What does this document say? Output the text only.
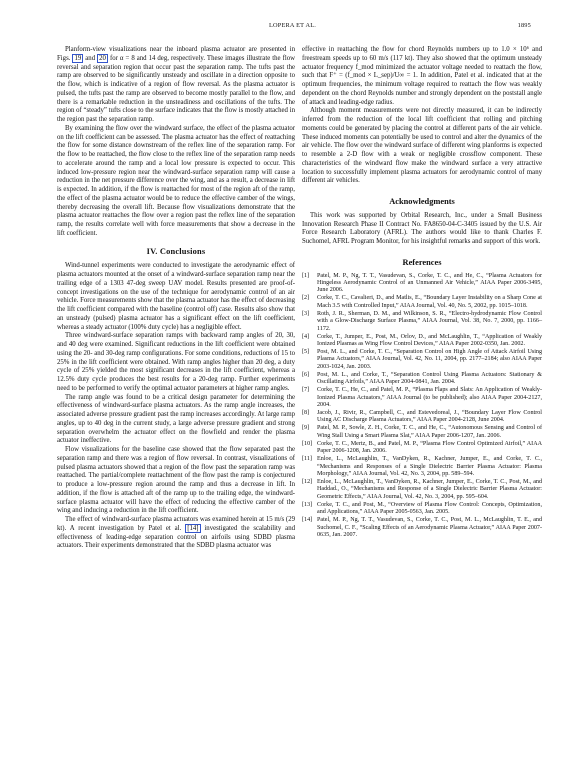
LOPERA ET AL.	1895

Planform-view visualizations near the inboard plasma actuator are presented in Figs. 19 and 20 for α = 8 and 14 deg, respectively. These images illustrate the flow reversal and separation region that occur past the separation ramp. The tufts past the ramp are observed to be significantly unsteady and oscillate in a direction opposite to the flow, which is indicative of a region of flow reversal. As the plasma actuator is pulsed, the tufts past the ramp are observed to become mostly parallel to the flow, and there is a remarkable reduction in the unsteadiness and oscillations of the tufts. The region of “steady” tufts close to the surface indicates that the flow is mostly attached in the region past the separation ramp.

By examining the flow over the windward surface, the effect of the plasma actuator on the lift coefficient can be assessed. The plasma actuator has the effect of reattaching the flow for some distance downstream of the reflex line of the separation ramp. For the flow to be reattached, the flow close to the reflex line of the separation ramp needs to accelerate around the ramp and a local low pressure is expected to occur. This induced low-pressure region near the windward-surface separation ramp will cause a reduction in the net pressure difference over the wing, and as a result, a decrease in lift is expected. In addition, if the flow is reattached for most of the region aft of the ramp, the effect of the plasma actuator would be to reduce the effective camber of the wings, thereby decreasing the overall lift. Because flow visualizations demonstrate that the plasma actuator reattaches the flow over a region past the reflex line of the separation ramp, the results correlate well with force measurements that show a decrease in the lift coefficient.

IV. Conclusions

Wind-tunnel experiments were conducted to investigate the aerodynamic effect of plasma actuators mounted at the onset of a windward-surface separation ramp near the trailing edge of a 1303 47-deg sweep UAV model. Results presented are proof-of-concept investigations on the use of the technique for aerodynamic control of an air vehicle. Force measurements show that the plasma actuator has the effect of decreasing the lift coefficient compared with the baseline (control off) case. Results also show that an unsteady (pulsed) plasma actuator has a significant effect on the lift coefficient, whereas a steady actuator (100% duty cycle) has a negligible effect.

Three windward-surface separation ramps with backward ramp angles of 20, 30, and 40 deg were examined. Significant reductions in the lift coefficient were obtained using the 20- and 30-deg ramp configurations. For some conditions, reductions of 15 to 25% in the lift coefficient were obtained. With ramp angles higher than 20 deg, a duty cycle of 25% yielded the most significant decreases in the lift coefficient, whereas a 12.5% duty cycle produces the best results for a 20-deg ramp. Further experiments need to be performed to verify the optimal actuator parameters at higher ramp angles.

The ramp angle was found to be a critical design parameter for determining the effectiveness of windward-surface plasma actuators. As the ramp angle increases, the associated adverse pressure gradient past the ramp increases accordingly. At large ramp angles, up to 40 deg in the current study, a large adverse pressure gradient and strong separation overwhelm the actuator effect on the flowfield and render the plasma actuator ineffective.

Flow visualizations for the baseline case showed that the flow separated past the separation ramp and there was a region of flow reversal. In contrast, visualizations of pulsed plasma actuators showed that a region of the flow past the separation ramp was reattached. The partial/complete reattachment of the flow past the ramp is conjectured to produce a low-pressure region around the ramp and thus a decrease in lift. In addition, if the flow is attached aft of the ramp up to the trailing edge, the windward-surface plasma actuator will have the effect of reducing the effective camber of the wing and inducing a reduction in the lift coefficient.

The effect of windward-surface plasma actuators was examined herein at 15 m/s (29 kt). A recent investigation by Patel et al. [14] investigated the scalability and effectiveness of leading-edge separation control on airfoils using SDBD plasma actuators. Their experiments demonstrated that the SDBD plasma actuator was

effective in reattaching the flow for chord Reynolds numbers up to 1.0 × 10⁶ and freestream speeds up to 60 m/s (117 kt). They also showed that the optimum unsteady actuator frequency f_mod minimized the actuator voltage needed to reattach the flow, such that F⁺ = (f_mod × L_sep)/U∞ = 1. In addition, Patel et al. indicated that at the optimum frequencies, the minimum voltage required to reattach the flow was weakly dependent on the chord Reynolds number and strongly dependent on the poststall angle of attack and leading-edge radius.

Although moment measurements were not directly measured, it can be indirectly inferred from the reduction of the local lift coefficient that rolling and pitching moments could be generated by placing the control at different parts of the air vehicle. These induced moments can potentially be used to control and alter the dynamics of the air vehicle. The flow over the windward surface of different wing planforms is expected to resemble a 2-D flow with a weak or negligible crossflow component. These characteristics of the windward flow make the windward surface a very attractive location to successfully implement plasma actuators for aerodynamic control of many different air vehicles.

Acknowledgments

This work was supported by Orbital Research, Inc., under a Small Business Innovation Research Phase II Contract No. FA8650-04-C-3405 issued by the U.S. Air Force Research Laboratory (AFRL). The authors would like to thank Charles F. Suchomel, AFRL Program Monitor, for his insightful remarks and support of this work.

References
[1] Patel, M. P., Ng, T. T., Vasudevan, S., Corke, T. C., and He, C., “Plasma Actuators for Hingeless Aerodynamic Control of an Unmanned Air Vehicle,” AIAA Paper 2006-3495, June 2006.
[2] Corke, T. C., Cavalieri, D., and Matlis, E., “Boundary Layer Instability on a Sharp Cone at Mach 3.5 with Controlled Input,” AIAA Journal, Vol. 40, No. 5, 2002, pp. 1015–1018.
[3] Roth, J. R., Sherman, D. M., and Wilkinson, S. R., “Electro-hydrodynamic Flow Control with a Glow-Discharge Surface Plasma,” AIAA Journal, Vol. 38, No. 7, 2000, pp. 1166–1172.
[4] Corke, T., Jumper, E., Post, M., Orlov, D., and McLaughlin, T., “Application of Weakly Ionized Plasmas as Wing Flow Control Devices,” AIAA Paper 2002-0350, Jan. 2002.
[5] Post, M. L., and Corke, T. C., “Separation Control on High Angle of Attack Airfoil Using Plasma Actuators,” AIAA Journal, Vol. 42, No. 11, 2004, pp. 2177–2184; also AIAA Paper 2003-1024, Jan. 2003.
[6] Post, M. L., and Corke, T., “Separation Control Using Plasma Actuators: Stationary & Oscillating Airfoils,” AIAA Paper 2004-0841, Jan. 2004.
[7] Corke, T. C., He, C., and Patel, M. P., “Plasma Flaps and Slats: An Application of Weakly-Ionized Plasma Actuators,” AIAA Journal (to be published); also AIAA Paper 2004-2127, 2004.
[8] Jacob, J., Rivir, R., Campbell, C., and Estevedoreal, J., “Boundary Layer Flow Control Using AC Discharge Plasma Actuators,” AIAA Paper 2004-2128, June 2004.
[9] Patel, M. P., Sowle, Z. H., Corke, T. C., and He, C., “Autonomous Sensing and Control of Wing Stall Using a Smart Plasma Slat,” AIAA Paper 2006-1207, Jan. 2006.
[10] Corke, T. C., Mertz, B., and Patel, M. P., “Plasma Flow Control Optimized Airfoil,” AIAA Paper 2006-1208, Jan. 2006.
[11] Enloe, L., McLaughlin, T., VanDyken, R., Kachner, Jumper, E., and Corke, T. C., “Mechanisms and Responses of a Single Dielectric Barrier Plasma Actuator: Plasma Morphology,” AIAA Journal, Vol. 42, No. 3, 2004, pp. 589–594.
[12] Enloe, L., McLaughlin, T., VanDyken, R., Kachner, Jumper, E., Corke, T. C., Post, M., and Haddad., O., “Mechanisms and Response of a Single Dielectric Barrier Plasma Actuator: Geometric Effects,” AIAA Journal, Vol. 42, No. 3, 2004, pp. 595–604.
[13] Corke, T. C., and Post, M., “Overview of Plasma Flow Control: Concepts, Optimization, and Applications,” AIAA Paper 2005-0563, Jan. 2005.
[14] Patel, M. P., Ng, T. T., Vasudevan, S., Corke, T. C., Post, M. L., McLaughlin, T. E., and Suchomel, C. F., “Scaling Effects of an Aerodynamic Plasma Actuator,” AIAA Paper 2007-0635, Jan. 2007.
